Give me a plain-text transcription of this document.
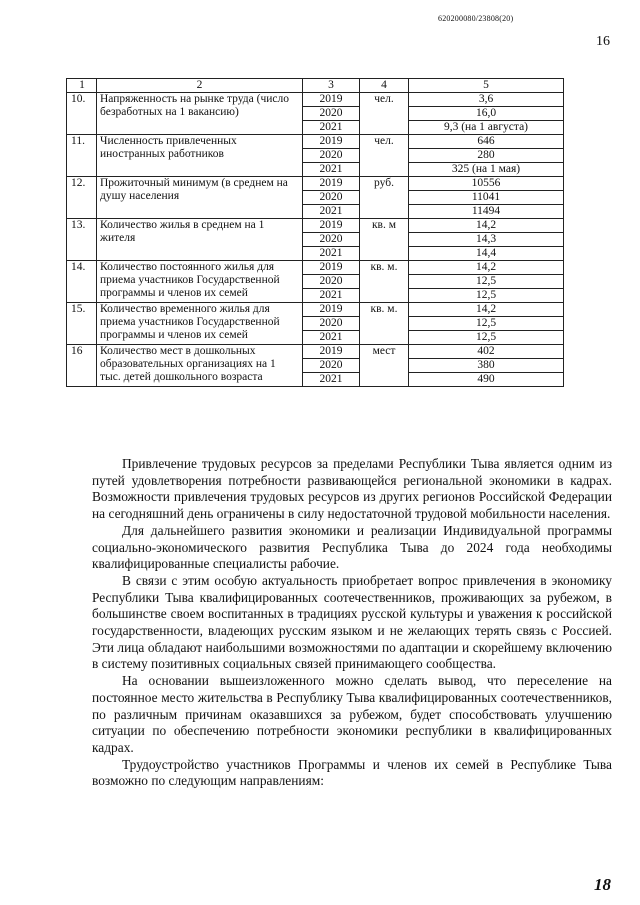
620200080/23808(20)
16
1	2	3	4	5
10.	Напряженность на рынке труда (число безработных на 1 вакансию)	2019	чел.	3,6
		2020		16,0
		2021		9,3 (на 1 августа)
11.	Численность привлеченных иностранных работников	2019	чел.	646
		2020		280
		2021		325 (на 1 мая)
12.	Прожиточный минимум (в среднем на душу населения	2019	руб.	10556
		2020		11041
		2021		11494
13.	Количество жилья в среднем на 1 жителя	2019	кв. м	14,2
		2020		14,3
		2021		14,4
14.	Количество постоянного жилья для приема участников Государственной программы и членов их семей	2019	кв. м.	14,2
		2020		12,5
		2021		12,5
15.	Количество временного жилья для приема участников Государственной программы и членов их семей	2019	кв. м.	14,2
		2020		12,5
		2021		12,5
16	Количество мест в дошкольных образовательных организациях на 1 тыс. детей дошкольного возраста	2019	мест	402
		2020		380
		2021		490

Привлечение трудовых ресурсов за пределами Республики Тыва является одним из путей удовлетворения потребности развивающейся региональной экономики в кадрах. Возможности привлечения трудовых ресурсов из других регионов Российской Федерации на сегодняшний день ограничены в силу недостаточной трудовой мобильности населения.

Для дальнейшего развития экономики и реализации Индивидуальной программы социально-экономического развития Республика Тыва до 2024 года необходимы квалифицированные специалисты рабочие.

В связи с этим особую актуальность приобретает вопрос привлечения в экономику Республики Тыва квалифицированных соотечественников, проживающих за рубежом, в большинстве своем воспитанных в традициях русской культуры и уважения к российской государственности, владеющих русским языком и не желающих терять связь с Россией. Эти лица обладают наибольшими возможностями по адаптации и скорейшему включению в систему позитивных социальных связей принимающего сообщества.

На основании вышеизложенного можно сделать вывод, что переселение на постоянное место жительства в Республику Тыва квалифицированных соотечественников, по различным причинам оказавшихся за рубежом, будет способствовать улучшению ситуации по обеспечению потребности экономики республики в квалифицированных кадрах.

Трудоустройство участников Программы и членов их семей в Республике Тыва возможно по следующим направлениям:

18
